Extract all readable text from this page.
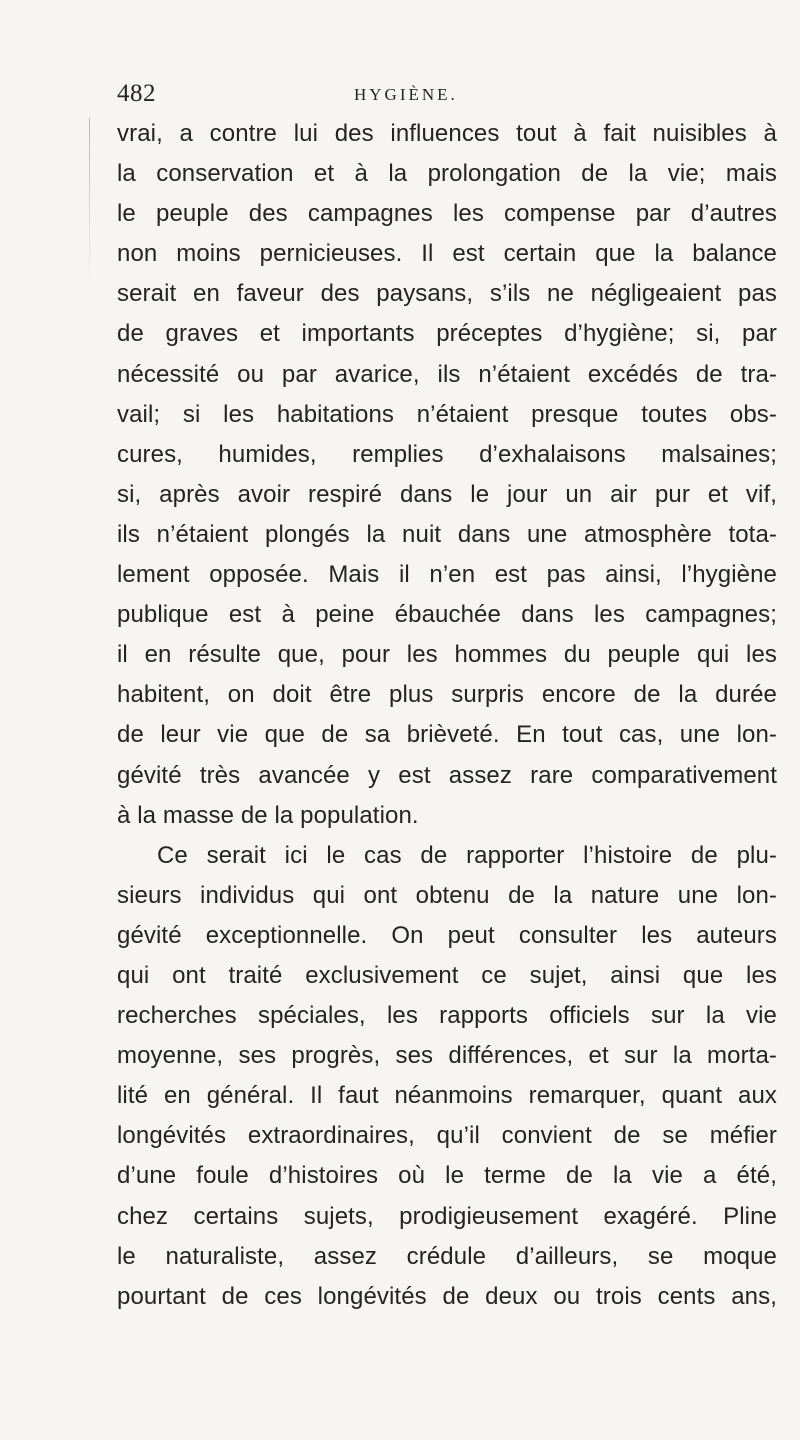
482	HYGIÈNE.
vrai, a contre lui des influences tout à fait nuisibles à
la conservation et à la prolongation de la vie; mais
le peuple des campagnes les compense par d’autres
non moins pernicieuses. Il est certain que la balance
serait en faveur des paysans, s’ils ne négligeaient pas
de graves et importants préceptes d’hygiène; si, par
nécessité ou par avarice, ils n’étaient excédés de tra-
vail; si les habitations n’étaient presque toutes obs-
cures, humides, remplies d’exhalaisons malsaines;
si, après avoir respiré dans le jour un air pur et vif,
ils n’étaient plongés la nuit dans une atmosphère tota-
lement opposée. Mais il n’en est pas ainsi, l’hygiène
publique est à peine ébauchée dans les campagnes;
il en résulte que, pour les hommes du peuple qui les
habitent, on doit être plus surpris encore de la durée
de leur vie que de sa brièveté. En tout cas, une lon-
gévité très avancée y est assez rare comparativement
à la masse de la population.
Ce serait ici le cas de rapporter l’histoire de plu-
sieurs individus qui ont obtenu de la nature une lon-
gévité exceptionnelle. On peut consulter les auteurs
qui ont traité exclusivement ce sujet, ainsi que les
recherches spéciales, les rapports officiels sur la vie
moyenne, ses progrès, ses différences, et sur la morta-
lité en général. Il faut néanmoins remarquer, quant aux
longévités extraordinaires, qu’il convient de se méfier
d’une foule d’histoires où le terme de la vie a été,
chez certains sujets, prodigieusement exagéré. Pline
le naturaliste, assez crédule d’ailleurs, se moque
pourtant de ces longévités de deux ou trois cents ans,
